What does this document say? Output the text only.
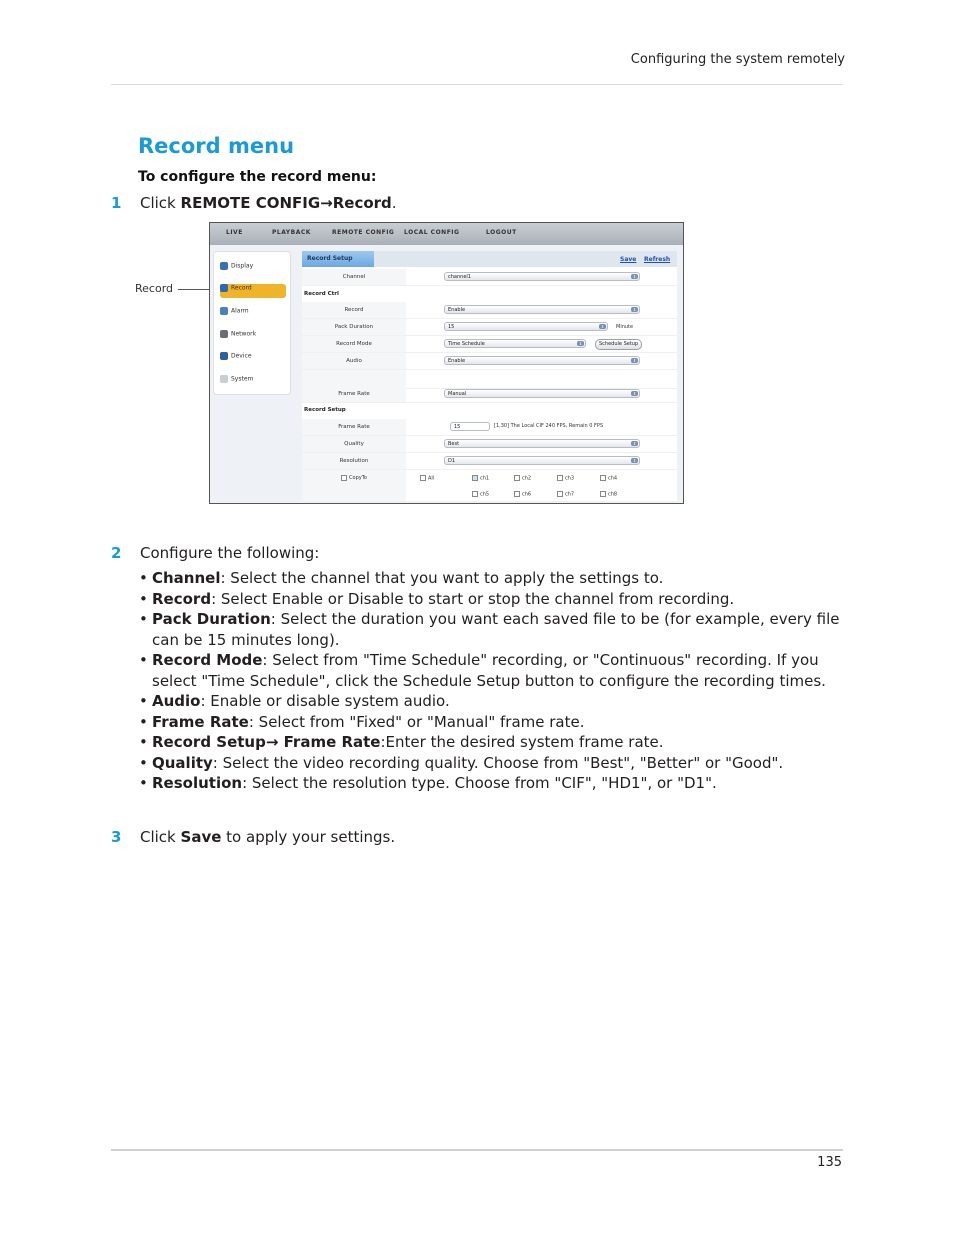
Configuring the system remotely
Record menu
To configure the record menu:
1 Click REMOTE CONFIG→Record.
Record
LIVE	PLAYBACK	REMOTE CONFIG LOCAL CONFIG	LOGOUT
Display
Record
Alarm
Network
Device
System
Record Setup	Save Refresh
Channel	channel1	⇕
Record Ctrl
Record	Enable	⇕
Pack Duration	15	⇕	Minute
Record Mode	Time Schedule	⇕	Schedule Setup
Audio	Enable	⇕
Frame Rate	Manual	⇕
Record Setup
Frame Rate	15	[1,30] The Local CIF 240 FPS, Remain 0 FPS
Quality	Best	⇕
Resolution	D1	⇕
CopyTo	All	ch1	ch2	ch3	ch4
ch5	ch6	ch7	ch8
2 Configure the following:
• Channel: Select the channel that you want to apply the settings to.
• Record: Select Enable or Disable to start or stop the channel from recording.
• Pack Duration: Select the duration you want each saved file to be (for example, every file can be 15 minutes long).
• Record Mode: Select from "Time Schedule" recording, or "Continuous" recording. If you select "Time Schedule", click the Schedule Setup button to configure the recording times.
• Audio: Enable or disable system audio.
• Frame Rate: Select from "Fixed" or "Manual" frame rate.
• Record Setup→ Frame Rate:Enter the desired system frame rate.
• Quality: Select the video recording quality. Choose from "Best", "Better" or "Good".
• Resolution: Select the resolution type. Choose from "CIF", "HD1", or "D1".
3 Click Save to apply your settings.
135
